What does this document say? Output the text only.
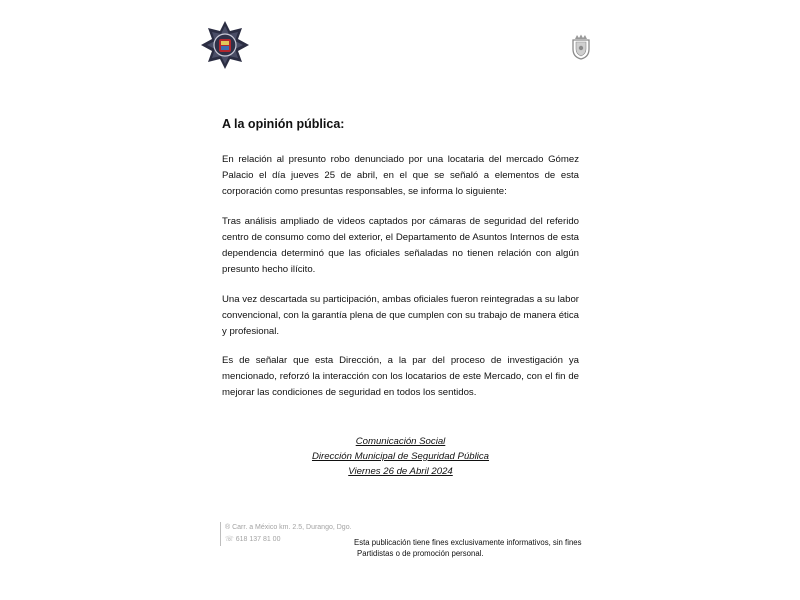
A la opinión pública:

En relación al presunto robo denunciado por una locataria del mercado Gómez Palacio el día jueves 25 de abril, en el que se señaló a elementos de esta corporación como presuntas responsables, se informa lo siguiente:

Tras análisis ampliado de videos captados por cámaras de seguridad del referido centro de consumo como del exterior, el Departamento de Asuntos Internos de esta dependencia determinó que las oficiales señaladas no tienen relación con algún presunto hecho ilícito.

Una vez descartada su participación, ambas oficiales fueron reintegradas a su labor convencional, con la garantía plena de que cumplen con su trabajo de manera ética y profesional.

Es de señalar que esta Dirección, a la par del proceso de investigación ya mencionado, reforzó la interacción con los locatarios de este Mercado, con el fin de mejorar las condiciones de seguridad en todos los sentidos.

Comunicación Social

Dirección Municipal de Seguridad Pública

Viernes 26 de Abril 2024

® Carr. a México km. 2.5, Durango, Dgo.
☏ 618 137 81 00	Esta publicación tiene fines exclusivamente informativos, sin fines
Partidistas o de promoción personal.
